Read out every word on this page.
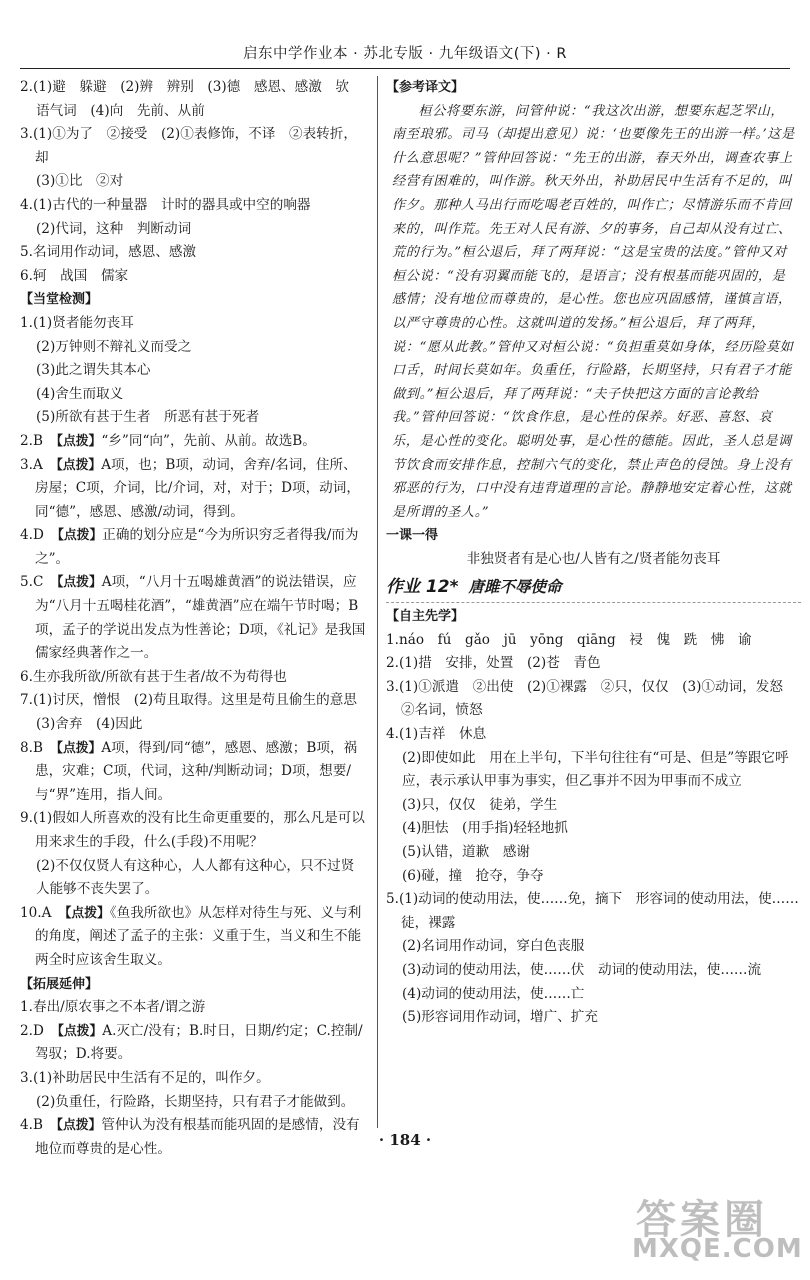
启东中学作业本 · 苏北专版 · 九年级语文(下) · R

2.(1)避　躲避　(2)辨　辨别　(3)德　感恩、感激　欤

语气词　(4)向　先前、从前

3.(1)①为了　②接受　(2)①表修饰，不译　②表转折，却

(3)①比　②对

4.(1)古代的一种量器　计时的器具或中空的响器

(2)代词，这种　判断动词

5.名词用作动词，感恩、感激

6.轲　战国　儒家

【当堂检测】

1.(1)贤者能勿丧耳

(2)万钟则不辩礼义而受之

(3)此之谓失其本心

(4)舍生而取义

(5)所欲有甚于生者　所恶有甚于死者

2.B　【点拨】“乡”同“向”，先前、从前。故选B。

3.A　【点拨】A项，也；B项，动词，舍弃/名词，住所、房屋；C项，介词，比/介词，对，对于；D项，动词，同“德”，感恩、感激/动词，得到。

4.D　【点拨】正确的划分应是“今为所识穷乏者得我/而为之”。

5.C　【点拨】A项，“八月十五喝雄黄酒”的说法错误，应为“八月十五喝桂花酒”，“雄黄酒”应在端午节时喝；B项，孟子的学说出发点为性善论；D项，《礼记》是我国儒家经典著作之一。

6.生亦我所欲/所欲有甚于生者/故不为苟得也

7.(1)讨厌，憎恨　(2)苟且取得。这里是苟且偷生的意思

(3)舍弃　(4)因此

8.B　【点拨】A项，得到/同“德”，感恩、感激；B项，祸患，灾难；C项，代词，这种/判断动词；D项，想要/与“界”连用，指人间。

9.(1)假如人所喜欢的没有比生命更重要的，那么凡是可以用来求生的手段，什么(手段)不用呢？

(2)不仅仅贤人有这种心，人人都有这种心，只不过贤人能够不丧失罢了。

10.A　【点拨】《鱼我所欲也》从怎样对待生与死、义与利的角度，阐述了孟子的主张：义重于生，当义和生不能两全时应该舍生取义。

【拓展延伸】

1.春出/原农事之不本者/谓之游

2.D　【点拨】A.灭亡/没有；B.时日，日期/约定；C.控制/驾驭；D.将要。

3.(1)补助居民中生活有不足的，叫作夕。

(2)负重任，行险路，长期坚持，只有君子才能做到。

4.B　【点拨】管仲认为没有根基而能巩固的是感情，没有地位而尊贵的是心性。

【参考译文】

桓公将要东游，问管仲说：“我这次出游，想要东起芝罘山，南至琅邪。司马（却提出意见）说：‘也要像先王的出游一样。’这是什么意思呢？”管仲回答说：“先王的出游，春天外出，调查农事上经营有困难的，叫作游。秋天外出，补助居民中生活有不足的，叫作夕。那种人马出行而吃喝老百姓的，叫作亡；尽情游乐而不肯回来的，叫作荒。先王对人民有游、夕的事务，自己却从没有过亡、荒的行为。”桓公退后，拜了两拜说：“这是宝贵的法度。”管仲又对桓公说：“没有羽翼而能飞的，是语言；没有根基而能巩固的，是感情；没有地位而尊贵的，是心性。您也应巩固感情，谨慎言语，以严守尊贵的心性。这就叫道的发扬。”桓公退后，拜了两拜，说：“愿从此教。”管仲又对桓公说：“负担重莫如身体，经历险莫如口舌，时间长莫如年。负重任，行险路，长期坚持，只有君子才能做到。”桓公退后，拜了两拜说：“夫子快把这方面的言论教给我。”管仲回答说：“饮食作息，是心性的保养。好恶、喜怒、哀乐，是心性的变化。聪明处事，是心性的德能。因此，圣人总是调节饮食而安排作息，控制六气的变化，禁止声色的侵蚀。身上没有邪恶的行为，口中没有违背道理的言论。静静地安定着心性，这就是所谓的圣人。”

一课一得

非独贤者有是心也/人皆有之/贤者能勿丧耳

作业 12* 唐雎不辱使命

【自主先学】

1.náo　fú　gǎo　jū　yōng　qiāng　祲　傀　跣　怫　谕

2.(1)措　安排，处置　(2)苍　青色

3.(1)①派遣　②出使　(2)①裸露　②只，仅仅　(3)①动词，发怒　②名词，愤怒

4.(1)吉祥　休息

(2)即使如此　用在上半句，下半句往往有“可是、但是”等跟它呼应，表示承认甲事为事实，但乙事并不因为甲事而不成立

(3)只，仅仅　徒弟，学生

(4)胆怯　(用手指)轻轻地抓

(5)认错，道歉　感谢

(6)碰，撞　抢夺，争夺

5.(1)动词的使动用法，使……免，摘下　形容词的使动用法，使……徒，裸露

(2)名词用作动词，穿白色丧服

(3)动词的使动用法，使……伏　动词的使动用法，使……流

(4)动词的使动用法，使……亡

(5)形容词用作动词，增广、扩充

· 184 ·
答案圈
MXQE.COM
